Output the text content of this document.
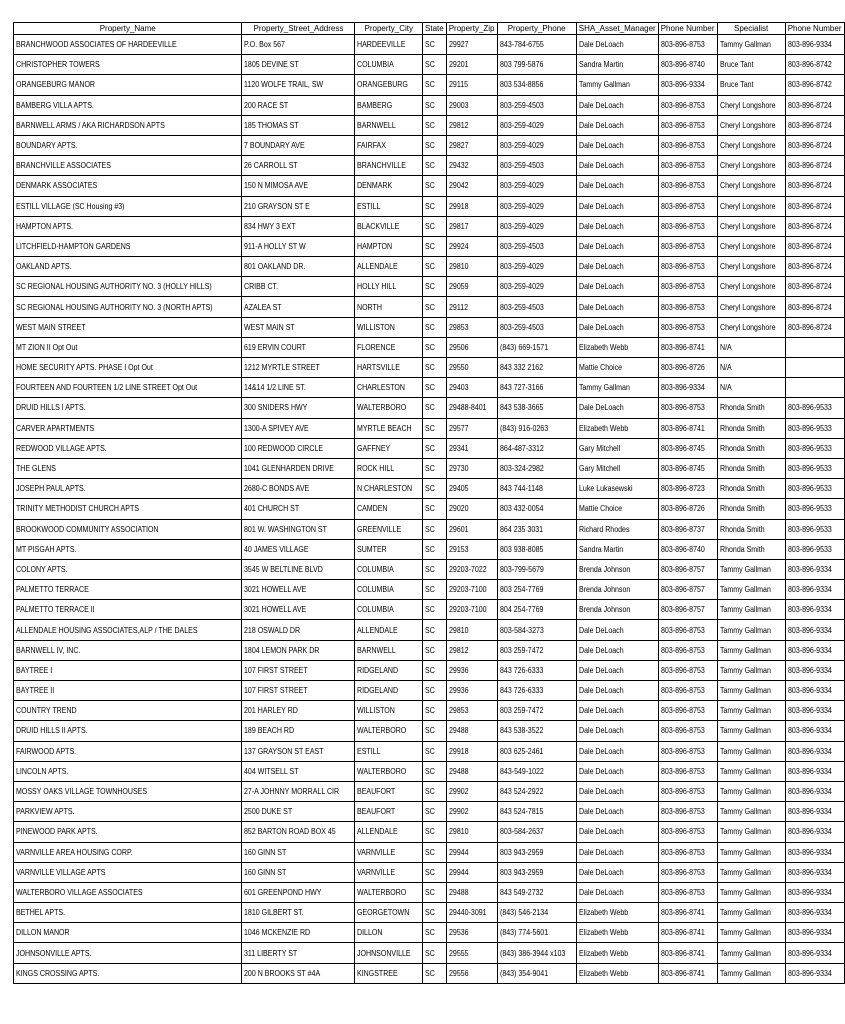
Property_Name	Property_Street_Address	Property_City	State	Property_Zip	Property_Phone	SHA_Asset_Manager	Phone Number	Specialist	Phone Number
BRANCHWOOD ASSOCIATES OF HARDEEVILLE	P.O. Box 567	HARDEEVILLE	SC	29927	843-784-6755	Dale DeLoach	803-896-8753	Tammy Gallman	803-896-9334
CHRISTOPHER TOWERS	1805 DEVINE ST	COLUMBIA	SC	29201	803 799-5876	Sandra Martin	803-896-8740	Bruce Tant	803-896-8742
ORANGEBURG MANOR	1120 WOLFE TRAIL, SW	ORANGEBURG	SC	29115	803 534-8856	Tammy Gallman	803-896-9334	Bruce Tant	803-896-8742
BAMBERG VILLA APTS.	200 RACE ST	BAMBERG	SC	29003	803-259-4503	Dale DeLoach	803-896-8753	Cheryl Longshore	803-896-8724
BARNWELL ARMS / AKA RICHARDSON APTS	185 THOMAS ST	BARNWELL	SC	29812	803-259-4029	Dale DeLoach	803-896-8753	Cheryl Longshore	803-896-8724
BOUNDARY APTS.	7 BOUNDARY AVE	FAIRFAX	SC	29827	803-259-4029	Dale DeLoach	803-896-8753	Cheryl Longshore	803-896-8724
BRANCHVILLE ASSOCIATES	26 CARROLL ST	BRANCHVILLE	SC	29432	803-259-4503	Dale DeLoach	803-896-8753	Cheryl Longshore	803-896-8724
DENMARK ASSOCIATES	150 N MIMOSA AVE	DENMARK	SC	29042	803-259-4029	Dale DeLoach	803-896-8753	Cheryl Longshore	803-896-8724
ESTILL VILLAGE (SC Housing #3)	210 GRAYSON ST E	ESTILL	SC	29918	803-259-4029	Dale DeLoach	803-896-8753	Cheryl Longshore	803-896-8724
HAMPTON APTS.	834 HWY 3 EXT	BLACKVILLE	SC	29817	803-259-4029	Dale DeLoach	803-896-8753	Cheryl Longshore	803-896-8724
LITCHFIELD-HAMPTON GARDENS	911-A HOLLY ST W	HAMPTON	SC	29924	803-259-4503	Dale DeLoach	803-896-8753	Cheryl Longshore	803-896-8724
OAKLAND APTS.	801 OAKLAND DR.	ALLENDALE	SC	29810	803-259-4029	Dale DeLoach	803-896-8753	Cheryl Longshore	803-896-8724
SC REGIONAL HOUSING AUTHORITY NO. 3 (HOLLY HILLS)	CRIBB CT.	HOLLY HILL	SC	29059	803-259-4029	Dale DeLoach	803-896-8753	Cheryl Longshore	803-896-8724
SC REGIONAL HOUSING AUTHORITY NO. 3 (NORTH APTS)	AZALEA ST	NORTH	SC	29112	803-259-4503	Dale DeLoach	803-896-8753	Cheryl Longshore	803-896-8724
WEST MAIN STREET	WEST MAIN ST	WILLISTON	SC	29853	803-259-4503	Dale DeLoach	803-896-8753	Cheryl Longshore	803-896-8724
MT ZION II Opt Out	619 ERVIN COURT	FLORENCE	SC	29506	(843) 669-1571	Elizabeth Webb	803-896-8741	N/A	
HOME SECURITY APTS. PHASE I Opt Out	1212 MYRTLE STREET	HARTSVILLE	SC	29550	843 332 2162	Mattie Choice	803-896-8726	N/A	
FOURTEEN AND FOURTEEN 1/2 LINE STREET Opt Out	14&14 1/2 LINE ST.	CHARLESTON	SC	29403	843 727-3166	Tammy Gallman	803-896-9334	N/A	
DRUID HILLS I APTS.	300 SNIDERS HWY	WALTERBORO	SC	29488-8401	843 538-3665	Dale DeLoach	803-896-8753	Rhonda Smith	803-896-9533
CARVER APARTMENTS	1300-A SPIVEY AVE	MYRTLE BEACH	SC	29577	(843) 916-0263	Elizabeth Webb	803-896-8741	Rhonda Smith	803-896-9533
REDWOOD VILLAGE APTS.	100 REDWOOD CIRCLE	GAFFNEY	SC	29341	864-487-3312	Gary Mitchell	803-896-8745	Rhonda Smith	803-896-9533
THE GLENS	1041 GLENHARDEN DRIVE	ROCK HILL	SC	29730	803-324-2982	Gary Mitchell	803-896-8745	Rhonda Smith	803-896-9533
JOSEPH PAUL APTS.	2680-C BONDS AVE	N CHARLESTON	SC	29405	843 744-1148	Luke Lukasewski	803-896-8723	Rhonda Smith	803-896-9533
TRINITY METHODIST CHURCH APTS	401 CHURCH ST	CAMDEN	SC	29020	803 432-0054	Mattie Choice	803-896-8726	Rhonda Smith	803-896-9533
BROOKWOOD COMMUNITY ASSOCIATION	801 W. WASHINGTON ST	GREENVILLE	SC	29601	864 235 3031	Richard Rhodes	803-896-8737	Rhonda Smith	803-896-9533
MT PISGAH APTS.	40 JAMES VILLAGE	SUMTER	SC	29153	803 938-8085	Sandra Martin	803-896-8740	Rhonda Smith	803-896-9533
COLONY APTS.	3545 W BELTLINE BLVD	COLUMBIA	SC	29203-7022	803-799-5679	Brenda Johnson	803-896-8757	Tammy Gallman	803-896-9334
PALMETTO TERRACE	3021 HOWELL AVE	COLUMBIA	SC	29203-7100	803 254-7769	Brenda Johnson	803-896-8757	Tammy Gallman	803-896-9334
PALMETTO TERRACE II	3021 HOWELL AVE	COLUMBIA	SC	29203-7100	804 254-7769	Brenda Johnson	803-896-8757	Tammy Gallman	803-896-9334
ALLENDALE HOUSING ASSOCIATES,ALP / THE DALES	218 OSWALD DR	ALLENDALE	SC	29810	803-584-3273	Dale DeLoach	803-896-8753	Tammy Gallman	803-896-9334
BARNWELL IV, INC.	1804 LEMON PARK DR	BARNWELL	SC	29812	803 259-7472	Dale DeLoach	803-896-8753	Tammy Gallman	803-896-9334
BAYTREE I	107 FIRST STREET	RIDGELAND	SC	29936	843 726-6333	Dale DeLoach	803-896-8753	Tammy Gallman	803-896-9334
BAYTREE II	107 FIRST STREET	RIDGELAND	SC	29936	843 726-6333	Dale DeLoach	803-896-8753	Tammy Gallman	803-896-9334
COUNTRY TREND	201 HARLEY RD	WILLISTON	SC	29853	803 259-7472	Dale DeLoach	803-896-8753	Tammy Gallman	803-896-9334
DRUID HILLS II APTS.	189 BEACH RD	WALTERBORO	SC	29488	843 538-3522	Dale DeLoach	803-896-8753	Tammy Gallman	803-896-9334
FAIRWOOD APTS.	137 GRAYSON ST EAST	ESTILL	SC	29918	803 625-2461	Dale DeLoach	803-896-8753	Tammy Gallman	803-896-9334
LINCOLN APTS.	404 WITSELL ST	WALTERBORO	SC	29488	843-549-1022	Dale DeLoach	803-896-8753	Tammy Gallman	803-896-9334
MOSSY OAKS VILLAGE TOWNHOUSES	27-A JOHNNY MORRALL CIR	BEAUFORT	SC	29902	843 524-2922	Dale DeLoach	803-896-8753	Tammy Gallman	803-896-9334
PARKVIEW APTS.	2500 DUKE ST	BEAUFORT	SC	29902	843 524-7815	Dale DeLoach	803-896-8753	Tammy Gallman	803-896-9334
PINEWOOD PARK APTS.	852 BARTON ROAD BOX 45	ALLENDALE	SC	29810	803-584-2637	Dale DeLoach	803-896-8753	Tammy Gallman	803-896-9334
VARNVILLE AREA HOUSING CORP.	160 GINN ST	VARNVILLE	SC	29944	803 943-2959	Dale DeLoach	803-896-8753	Tammy Gallman	803-896-9334
VARNVILLE VILLAGE APTS	160 GINN ST	VARNVILLE	SC	29944	803 943-2959	Dale DeLoach	803-896-8753	Tammy Gallman	803-896-9334
WALTERBORO VILLAGE ASSOCIATES	601 GREENPOND HWY	WALTERBORO	SC	29488	843 549-2732	Dale DeLoach	803-896-8753	Tammy Gallman	803-896-9334
BETHEL APTS.	1810 GILBERT ST.	GEORGETOWN	SC	29440-3091	(843) 546-2134	Elizabeth Webb	803-896-8741	Tammy Gallman	803-896-9334
DILLON MANOR	1046 MCKENZIE RD	DILLON	SC	29536	(843) 774-5601	Elizabeth Webb	803-896-8741	Tammy Gallman	803-896-9334
JOHNSONVILLE APTS.	311 LIBERTY ST	JOHNSONVILLE	SC	29555	(843) 386-3944 x103	Elizabeth Webb	803-896-8741	Tammy Gallman	803-896-9334
KINGS CROSSING APTS.	200 N BROOKS ST #4A	KINGSTREE	SC	29556	(843) 354-9041	Elizabeth Webb	803-896-8741	Tammy Gallman	803-896-9334
